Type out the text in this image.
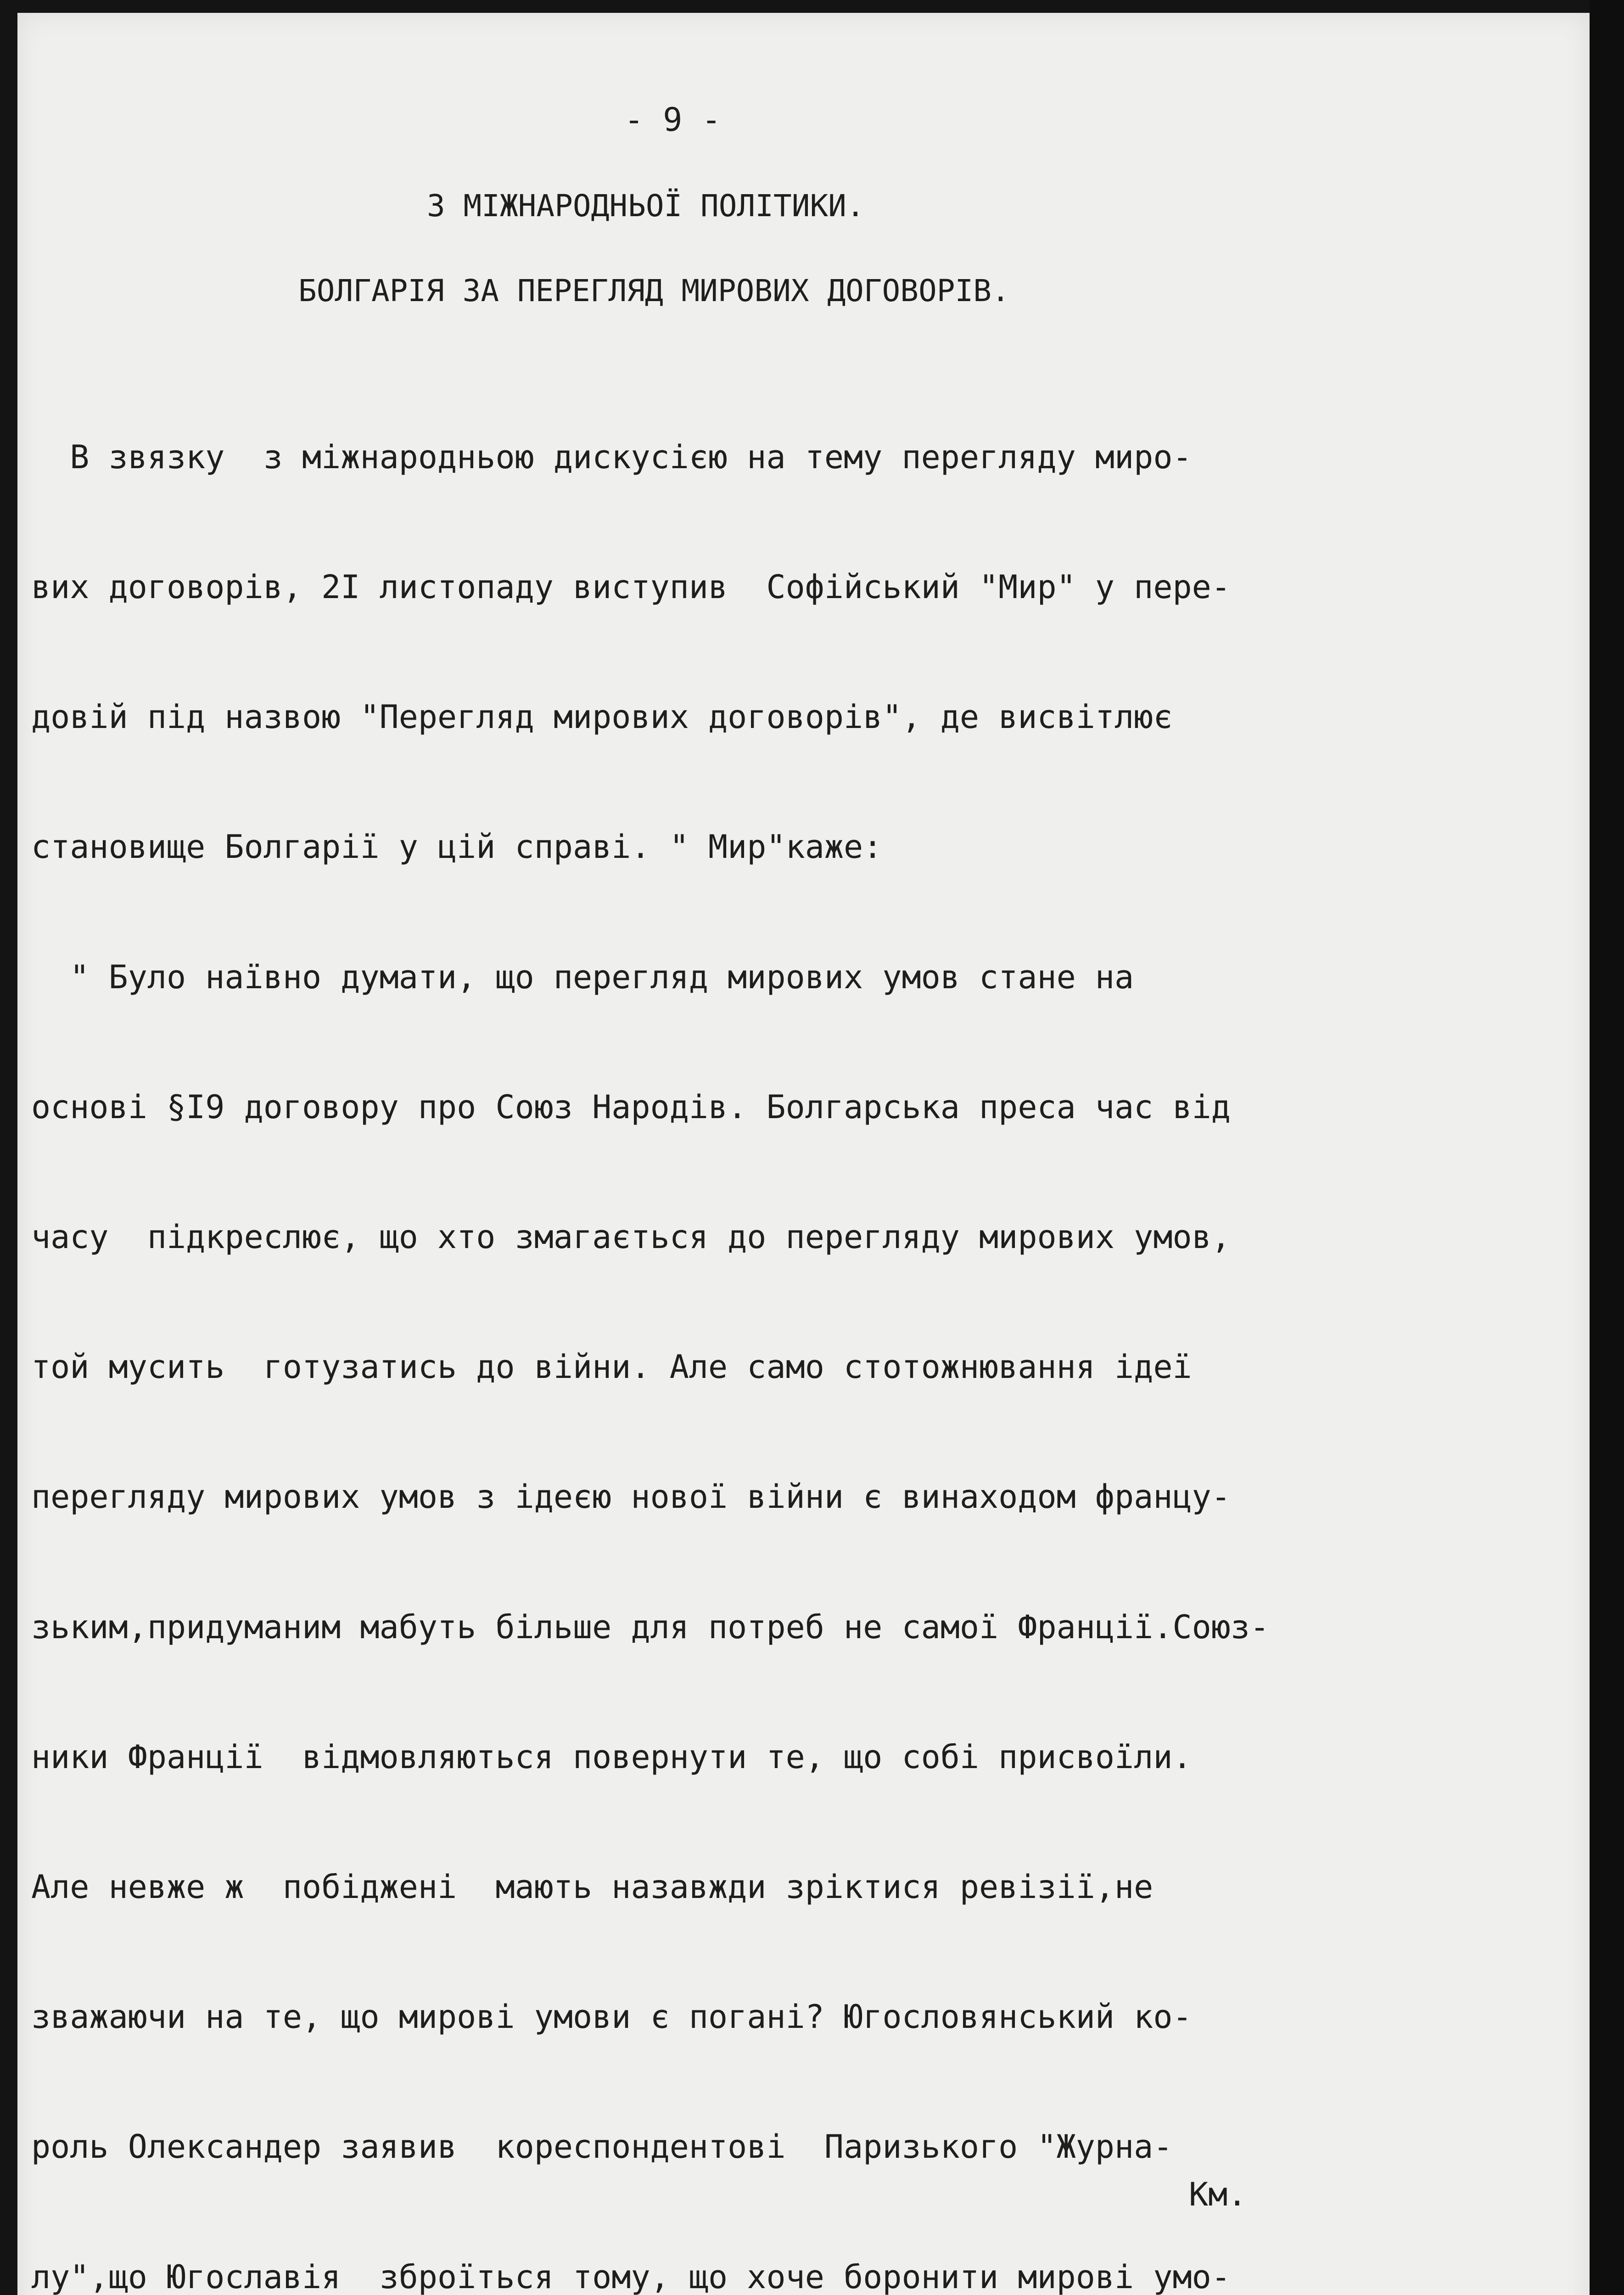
- 9 -
З МІЖНАРОДНЬОЇ ПОЛІТИКИ.
БОЛГАРІЯ ЗА ПЕРЕГЛЯД МИРОВИХ ДОГОВОРІВ.

В звязку  з міжнародньою дискусією на тему перегляду миро-

вих договорів, 2І листопаду виступив  Софійський "Мир" у пере-

довій під назвою "Перегляд мирових договорів", де висвітлює

становище Болгарії у цій справі. " Мир"каже:

" Було наївно думати, що перегляд мирових умов стане на

основі §І9 договору про Союз Народів. Болгарська преса час від

часу  підкреслює, що хто змагається до перегляду мирових умов,

той мусить  готузатись до війни. Але само стотожнювання ідеї

перегляду мирових умов з ідеєю нової війни є винаходом францу-

зьким,придуманим мабуть більше для потреб не самої Франції.Союз-

ники Франції  відмовляються повернути те, що собі присвоїли.

Але невже ж  побіджені  мають назавжди зріктися ревізії,не

зважаючи на те, що мирові умови є погані? Югословянський ко-

роль Олександер заявив  кореспондентові  Паризького "Журна-

лу",що Югославія  зброїться тому, що хоче боронити мирові умо-

Км.
